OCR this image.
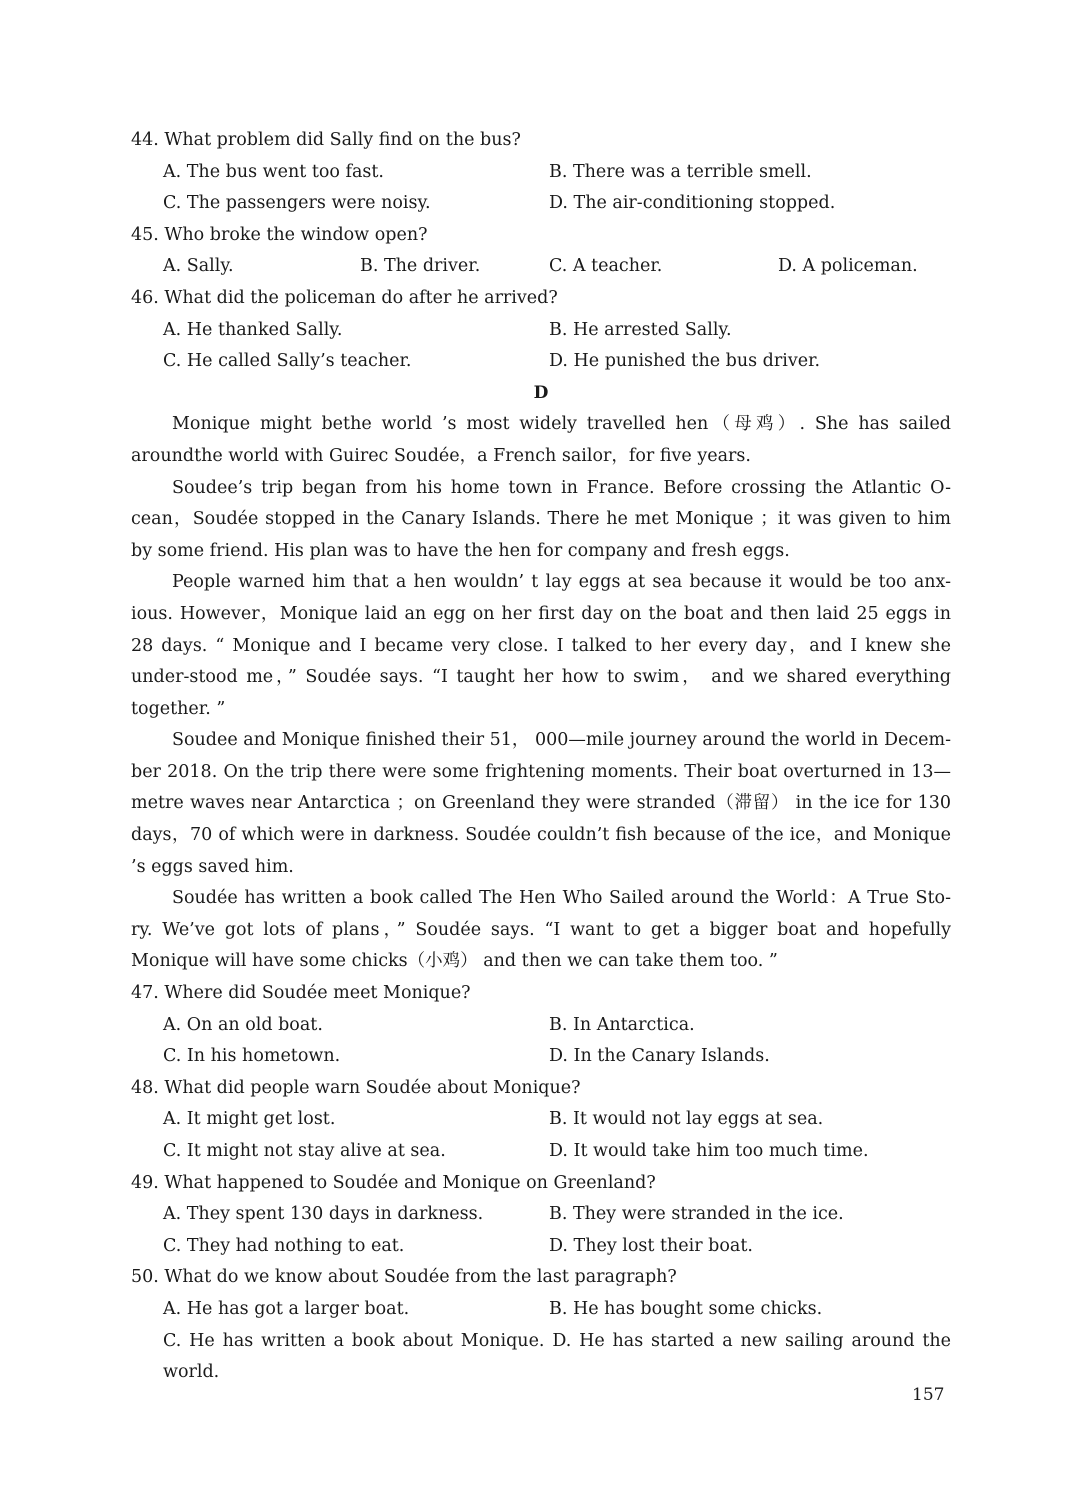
44. What problem did Sally find on the bus?
A. The bus went too fast.	B. There was a terrible smell.
C. The passengers were noisy.	D. The air-conditioning stopped.
45. Who broke the window open?
A. Sally.	B. The driver.	C. A teacher.	D. A policeman.
46. What did the policeman do after he arrived?
A. He thanked Sally.	B. He arrested Sally.
C. He called Sally’s teacher.	D. He punished the bus driver.
D

Monique might bethe world ’s most widely travelled hen（母鸡）. She has sailed aroundthe world with Guirec Soudée，a French sailor，for five years.

Soudee’s trip began from his home town in France. Before crossing the Atlantic O-cean，Soudée stopped in the Canary Islands. There he met Monique ；it was given to him by some friend. His plan was to have the hen for company and fresh eggs.

People warned him that a hen wouldn’ t lay eggs at sea because it would be too anx-ious. However，Monique laid an egg on her first day on the boat and then laid 25 eggs in 28 days. “ Monique and I became very close. I talked to her every day，and I knew she under-stood me，” Soudée says. “I taught her how to swim， and we shared everything together. ”

Soudee and Monique finished their 51， 000—mile journey around the world in Decem-ber 2018. On the trip there were some frightening moments. Their boat overturned in 13—metre waves near Antarctica ；on Greenland they were stranded（滞留） in the ice for 130 days，70 of which were in darkness. Soudée couldn’t fish because of the ice，and Monique ’s eggs saved him.

Soudée has written a book called The Hen Who Sailed around the World：A True Sto-ry. We’ve got lots of plans，” Soudée says. “I want to get a bigger boat and hopefully Monique will have some chicks（小鸡） and then we can take them too. ”

47. Where did Soudée meet Monique?
A. On an old boat.	B. In Antarctica.
C. In his hometown.	D. In the Canary Islands.
48. What did people warn Soudée about Monique?
A. It might get lost.	B. It would not lay eggs at sea.
C. It might not stay alive at sea.	D. It would take him too much time.
49. What happened to Soudée and Monique on Greenland?
A. They spent 130 days in darkness.	B. They were stranded in the ice.
C. They had nothing to eat.	D. They lost their boat.
50. What do we know about Soudée from the last paragraph?
A. He has got a larger boat.	B. He has bought some chicks.
C. He has written a book about Monique. D. He has started a new sailing around the world.
157
